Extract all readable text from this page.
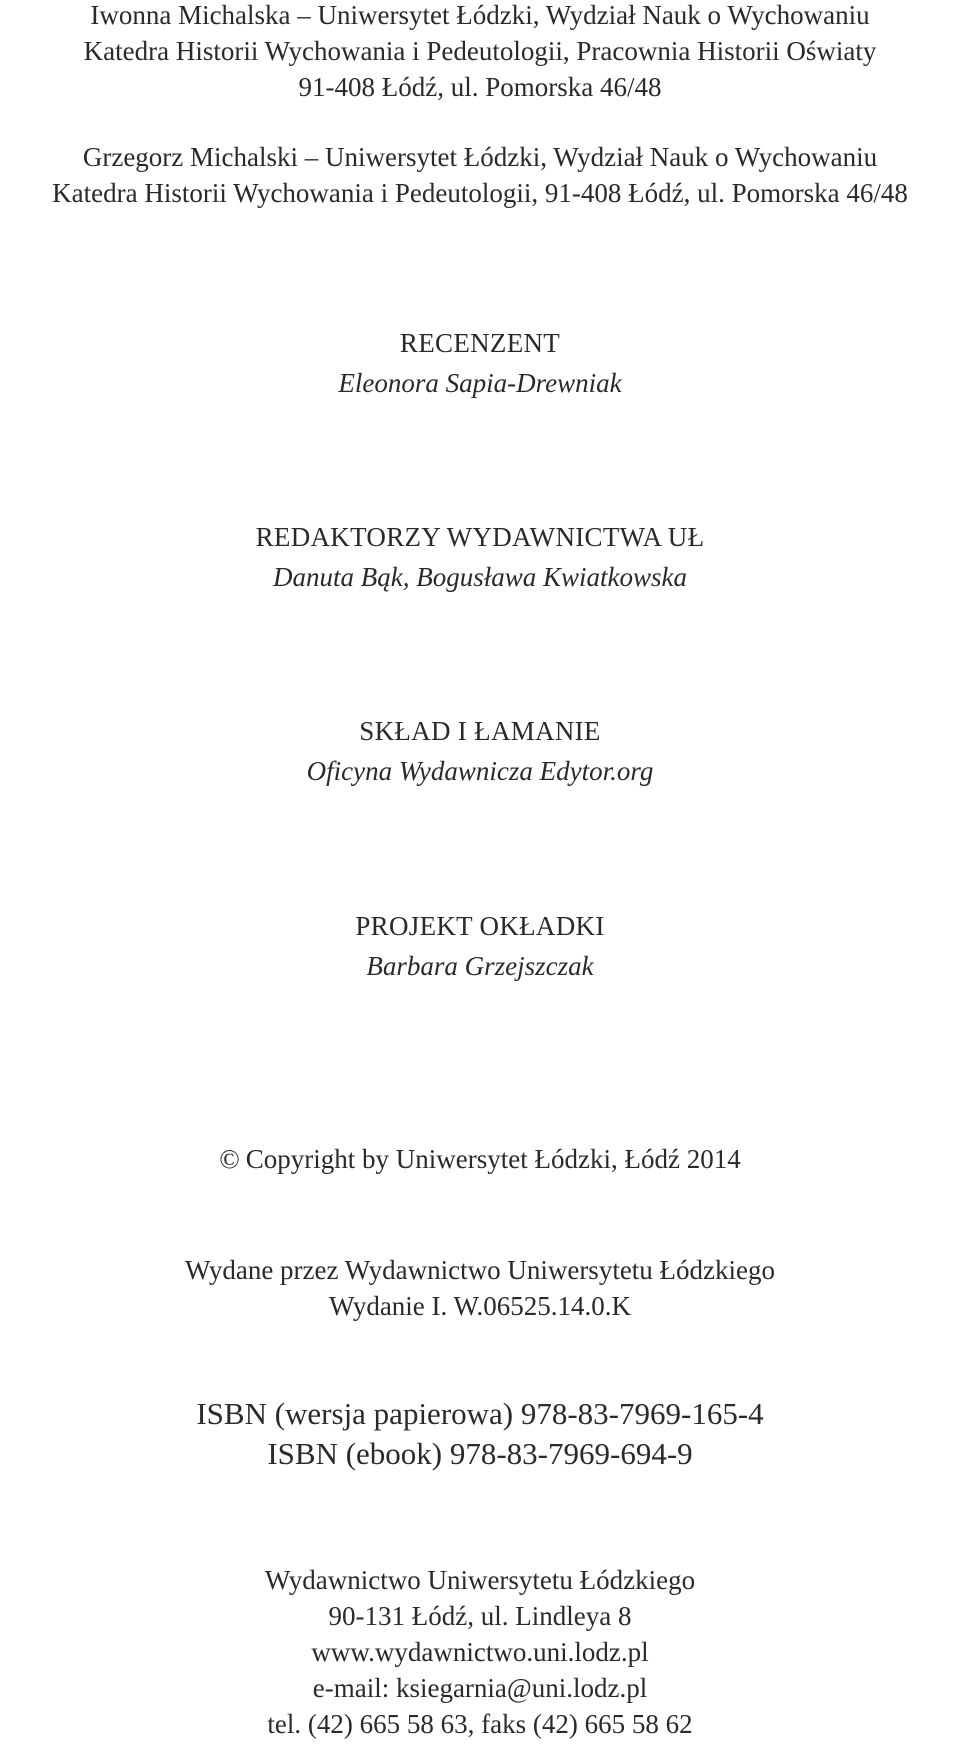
Iwonna Michalska – Uniwersytet Łódzki, Wydział Nauk o Wychowaniu
Katedra Historii Wychowania i Pedeutologii, Pracownia Historii Oświaty
91-408 Łódź, ul. Pomorska 46/48
Grzegorz Michalski – Uniwersytet Łódzki, Wydział Nauk o Wychowaniu
Katedra Historii Wychowania i Pedeutologii, 91-408 Łódź, ul. Pomorska 46/48
RECENZENT
Eleonora Sapia-Drewniak
REDAKTORZY WYDAWNICTWA UŁ
Danuta Bąk, Bogusława Kwiatkowska
SKŁAD I ŁAMANIE
Oficyna Wydawnicza Edytor.org
PROJEKT OKŁADKI
Barbara Grzejszczak
© Copyright by Uniwersytet Łódzki, Łódź 2014
Wydane przez Wydawnictwo Uniwersytetu Łódzkiego
Wydanie I. W.06525.14.0.K
ISBN (wersja papierowa) 978-83-7969-165-4
ISBN (ebook) 978-83-7969-694-9
Wydawnictwo Uniwersytetu Łódzkiego
90-131 Łódź, ul. Lindleya 8
www.wydawnictwo.uni.lodz.pl
e-mail: ksiegarnia@uni.lodz.pl
tel. (42) 665 58 63, faks (42) 665 58 62
